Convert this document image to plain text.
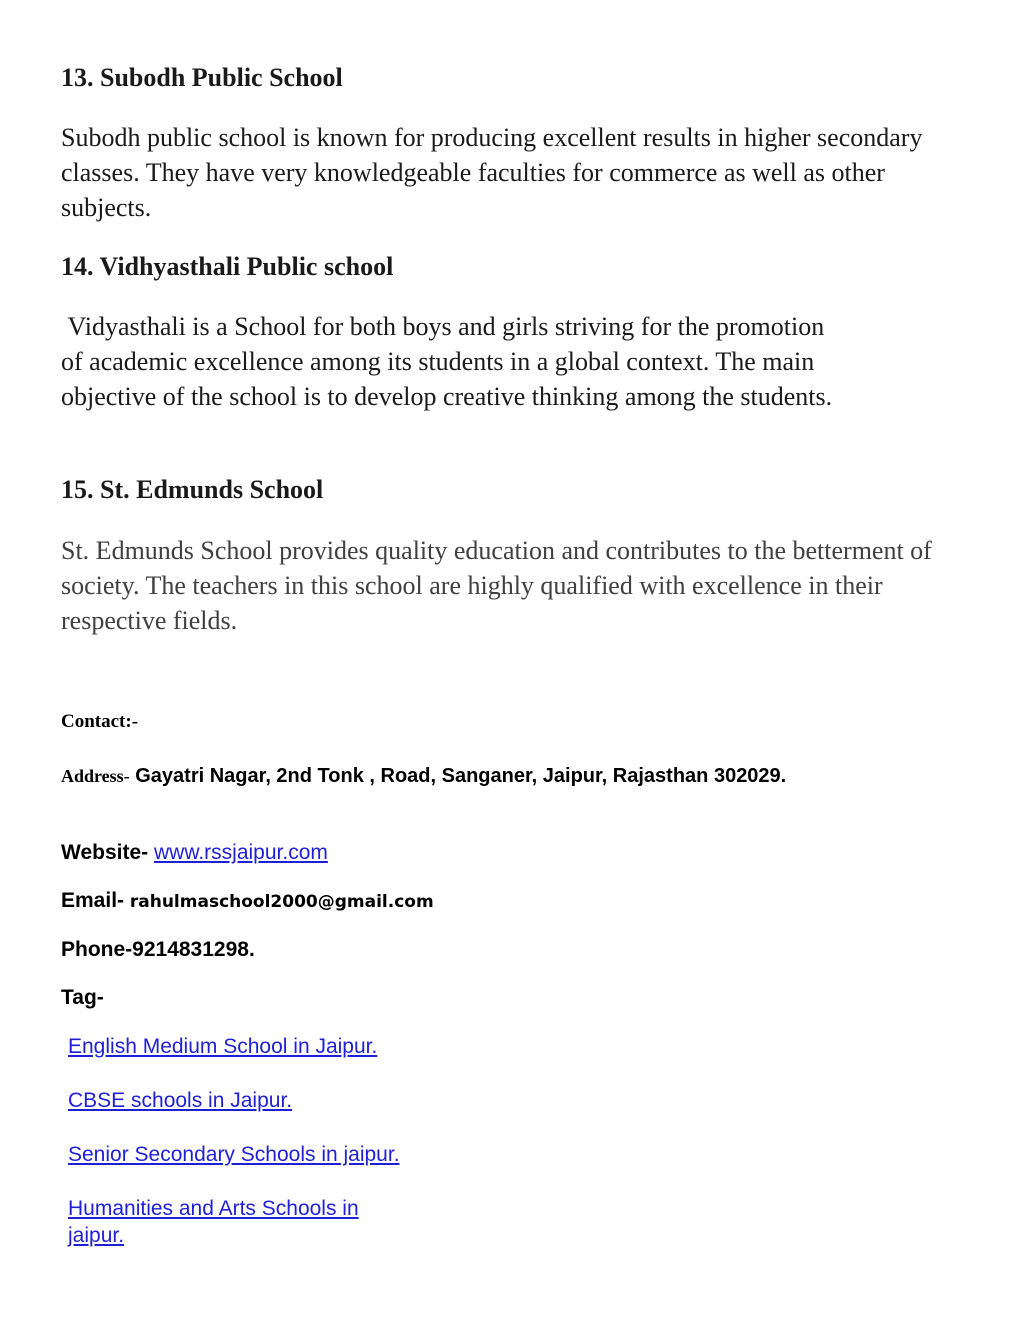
13. Subodh Public School

Subodh public school is known for producing excellent results in higher secondary classes. They have very knowledgeable faculties for commerce as well as other subjects.

14. Vidhyasthali Public school

Vidyasthali is a School for both boys and girls striving for the promotion of academic excellence among its students in a global context. The main objective of the school is to develop creative thinking among the students.

15. St. Edmunds School

St. Edmunds School provides quality education and contributes to the betterment of society. The teachers in this school are highly qualified with excellence in their respective fields.

Contact:-

Address- Gayatri Nagar, 2nd Tonk , Road, Sanganer, Jaipur, Rajasthan 302029.

Website- www.rssjaipur.com

Email- rahulmaschool2000@gmail.com

Phone-9214831298.

Tag-

English Medium School in Jaipur.
CBSE schools in Jaipur.
Senior Secondary Schools in jaipur.
Humanities and Arts Schools in jaipur.
